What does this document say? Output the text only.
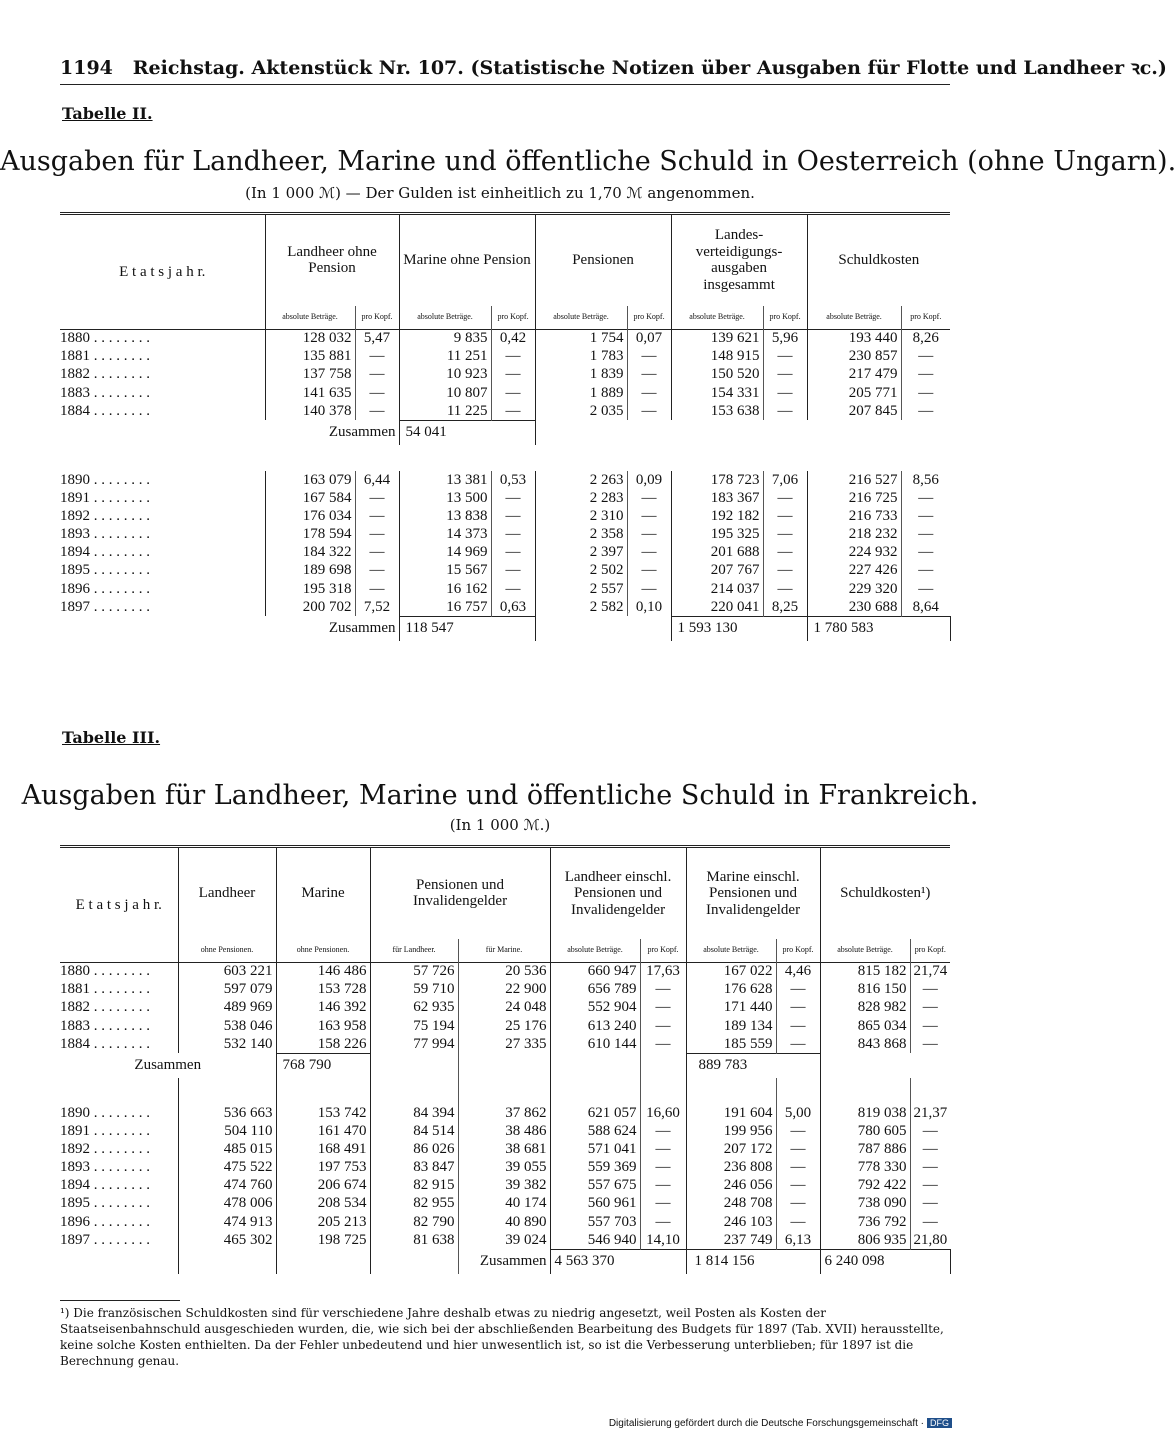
1194 Reichstag. Aktenstück Nr. 107. (Statistische Notizen über Ausgaben für Flotte und Landheer ꝛc.)
Tabelle II.
Ausgaben für Landheer, Marine und öffentliche Schuld in Oesterreich (ohne Ungarn).
(In 1 000 ℳ) — Der Gulden ist einheitlich zu 1,70 ℳ angenommen.
E t a t s j a h r.	Landheer ohne Pension		Marine ohne Pension		Pensionen		Landes-verteidigungs-ausgaben insgesammt		Schuldkosten	
	absolute Beträge.	pro Kopf.	absolute Beträge.	pro Kopf.	absolute Beträge.	pro Kopf.	absolute Beträge.	pro Kopf.	absolute Beträge.	pro Kopf.
1880 . . . . . . . .	128 032	5,47	9 835	0,42	1 754	0,07	139 621	5,96	193 440	8,26
1881 . . . . . . . .	135 881	—	11 251	—	1 783	—	148 915	—	230 857	—
1882 . . . . . . . .	137 758	—	10 923	—	1 839	—	150 520	—	217 479	—
1883 . . . . . . . .	141 635	—	10 807	—	1 889	—	154 331	—	205 771	—
1884 . . . . . . . .	140 378	—	11 225	—	2 035	—	153 638	—	207 845	—
Zusammen			54 041							

1890 . . . . . . . .	163 079	6,44	13 381	0,53	2 263	0,09	178 723	7,06	216 527	8,56
1891 . . . . . . . .	167 584	—	13 500	—	2 283	—	183 367	—	216 725	—
1892 . . . . . . . .	176 034	—	13 838	—	2 310	—	192 182	—	216 733	—
1893 . . . . . . . .	178 594	—	14 373	—	2 358	—	195 325	—	218 232	—
1894 . . . . . . . .	184 322	—	14 969	—	2 397	—	201 688	—	224 932	—
1895 . . . . . . . .	189 698	—	15 567	—	2 502	—	207 767	—	227 426	—
1896 . . . . . . . .	195 318	—	16 162	—	2 557	—	214 037	—	229 320	—
1897 . . . . . . . .	200 702	7,52	16 757	0,63	2 582	0,10	220 041	8,25	230 688	8,64
Zusammen			118 547				1 593 130		1 780 583	
Tabelle III.
Ausgaben für Landheer, Marine und öffentliche Schuld in Frankreich.
(In 1 000 ℳ.)
E t a t s j a h r.	Landheer	Marine	Pensionen und Invalidengelder		Landheer einschl. Pensionen und Invalidengelder		Marine einschl. Pensionen und Invalidengelder		Schuldkosten¹)	
	ohne Pensionen.	ohne Pensionen.	für Landheer.	für Marine.	absolute Beträge.	pro Kopf.	absolute Beträge.	pro Kopf.	absolute Beträge.	pro Kopf.
1880 . . . . . . . .	603 221	146 486	57 726	20 536	660 947	17,63	167 022	4,46	815 182	21,74
1881 . . . . . . . .	597 079	153 728	59 710	22 900	656 789	—	176 628	—	816 150	—
1882 . . . . . . . .	489 969	146 392	62 935	24 048	552 904	—	171 440	—	828 982	—
1883 . . . . . . . .	538 046	163 958	75 194	25 176	613 240	—	189 134	—	865 034	—
1884 . . . . . . . .	532 140	158 226	77 994	27 335	610 144	—	185 559	—	843 868	—
Zusammen		768 790					889 783			

1890 . . . . . . . .	536 663	153 742	84 394	37 862	621 057	16,60	191 604	5,00	819 038	21,37
1891 . . . . . . . .	504 110	161 470	84 514	38 486	588 624	—	199 956	—	780 605	—
1892 . . . . . . . .	485 015	168 491	86 026	38 681	571 041	—	207 172	—	787 886	—
1893 . . . . . . . .	475 522	197 753	83 847	39 055	559 369	—	236 808	—	778 330	—
1894 . . . . . . . .	474 760	206 674	82 915	39 382	557 675	—	246 056	—	792 422	—
1895 . . . . . . . .	478 006	208 534	82 955	40 174	560 961	—	248 708	—	738 090	—
1896 . . . . . . . .	474 913	205 213	82 790	40 890	557 703	—	246 103	—	736 792	—
1897 . . . . . . . .	465 302	198 725	81 638	39 024	546 940	14,10	237 749	6,13	806 935	21,80
				Zusammen	4 563 370		1 814 156		6 240 098	
¹) Die französischen Schuldkosten sind für verschiedene Jahre deshalb etwas zu niedrig angesetzt, weil Posten als Kosten der Staatseisenbahnschuld ausgeschieden wurden, die, wie sich bei der abschließenden Bearbeitung des Budgets für 1897 (Tab. XVII) herausstellte, keine solche Kosten enthielten. Da der Fehler unbedeutend und hier unwesentlich ist, so ist die Verbesserung unterblieben; für 1897 ist die Berechnung genau.
Digitalisierung gefördert durch die Deutsche Forschungsgemeinschaft · DFG
